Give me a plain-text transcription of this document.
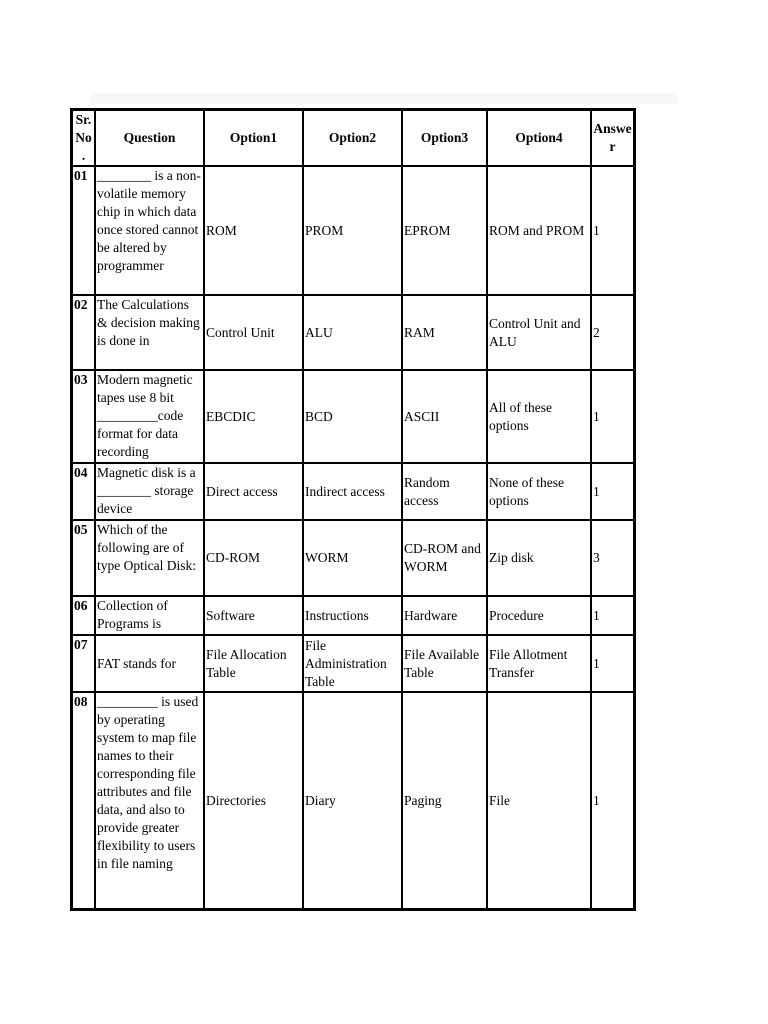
Sr. No .	Question	Option1	Option2	Option3	Option4	Answer
01	________ is a non-volatile memory chip in which data once stored cannot be altered by programmer	ROM	PROM	EPROM	ROM and PROM	1
02	The Calculations & decision making is done in	Control Unit	ALU	RAM	Control Unit and ALU	2
03	Modern magnetic tapes use 8 bit _________code format for data recording	EBCDIC	BCD	ASCII	All of these options	1
04	Magnetic disk is a ________ storage device	Direct access	Indirect access	Random access	None of these options	1
05	Which of the following are of type Optical Disk:	CD-ROM	WORM	CD-ROM and WORM	Zip disk	3
06	Collection of Programs is	Software	Instructions	Hardware	Procedure	1
07	FAT stands for	File Allocation Table	File Administration Table	File Available Table	File Allotment Transfer	1
08	_________ is used by operating system to map file names to their corresponding file attributes and file data, and also to provide greater flexibility to users in file naming	Directories	Diary	Paging	File	1
